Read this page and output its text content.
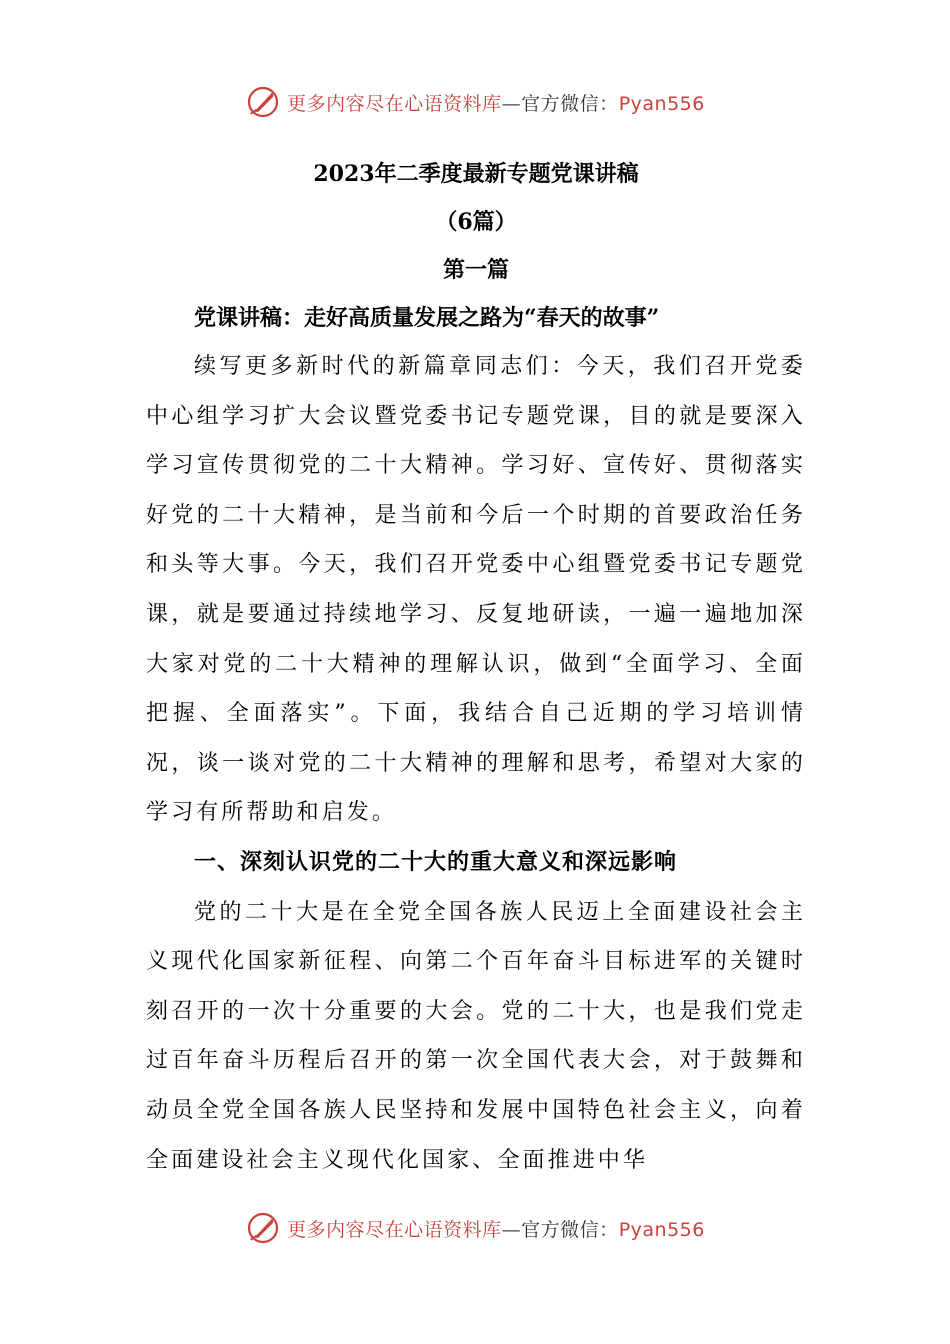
更多内容尽在心语资料库—官方微信：Pyan556

2023年二季度最新专题党课讲稿

（6篇）

第一篇

党课讲稿：走好高质量发展之路为“春天的故事”

续写更多新时代的新篇章同志们：今天，我们召开党委中心组学习扩大会议暨党委书记专题党课，目的就是要深入学习宣传贯彻党的二十大精神。学习好、宣传好、贯彻落实好党的二十大精神，是当前和今后一个时期的首要政治任务和头等大事。今天，我们召开党委中心组暨党委书记专题党课，就是要通过持续地学习、反复地研读，一遍一遍地加深大家对党的二十大精神的理解认识，做到“全面学习、全面把握、全面落实”。下面，我结合自己近期的学习培训情况，谈一谈对党的二十大精神的理解和思考，希望对大家的学习有所帮助和启发。

一、深刻认识党的二十大的重大意义和深远影响

党的二十大是在全党全国各族人民迈上全面建设社会主义现代化国家新征程、向第二个百年奋斗目标进军的关键时刻召开的一次十分重要的大会。党的二十大，也是我们党走过百年奋斗历程后召开的第一次全国代表大会，对于鼓舞和动员全党全国各族人民坚持和发展中国特色社会主义，向着全面建设社会主义现代化国家、全面推进中华

更多内容尽在心语资料库—官方微信：Pyan556
